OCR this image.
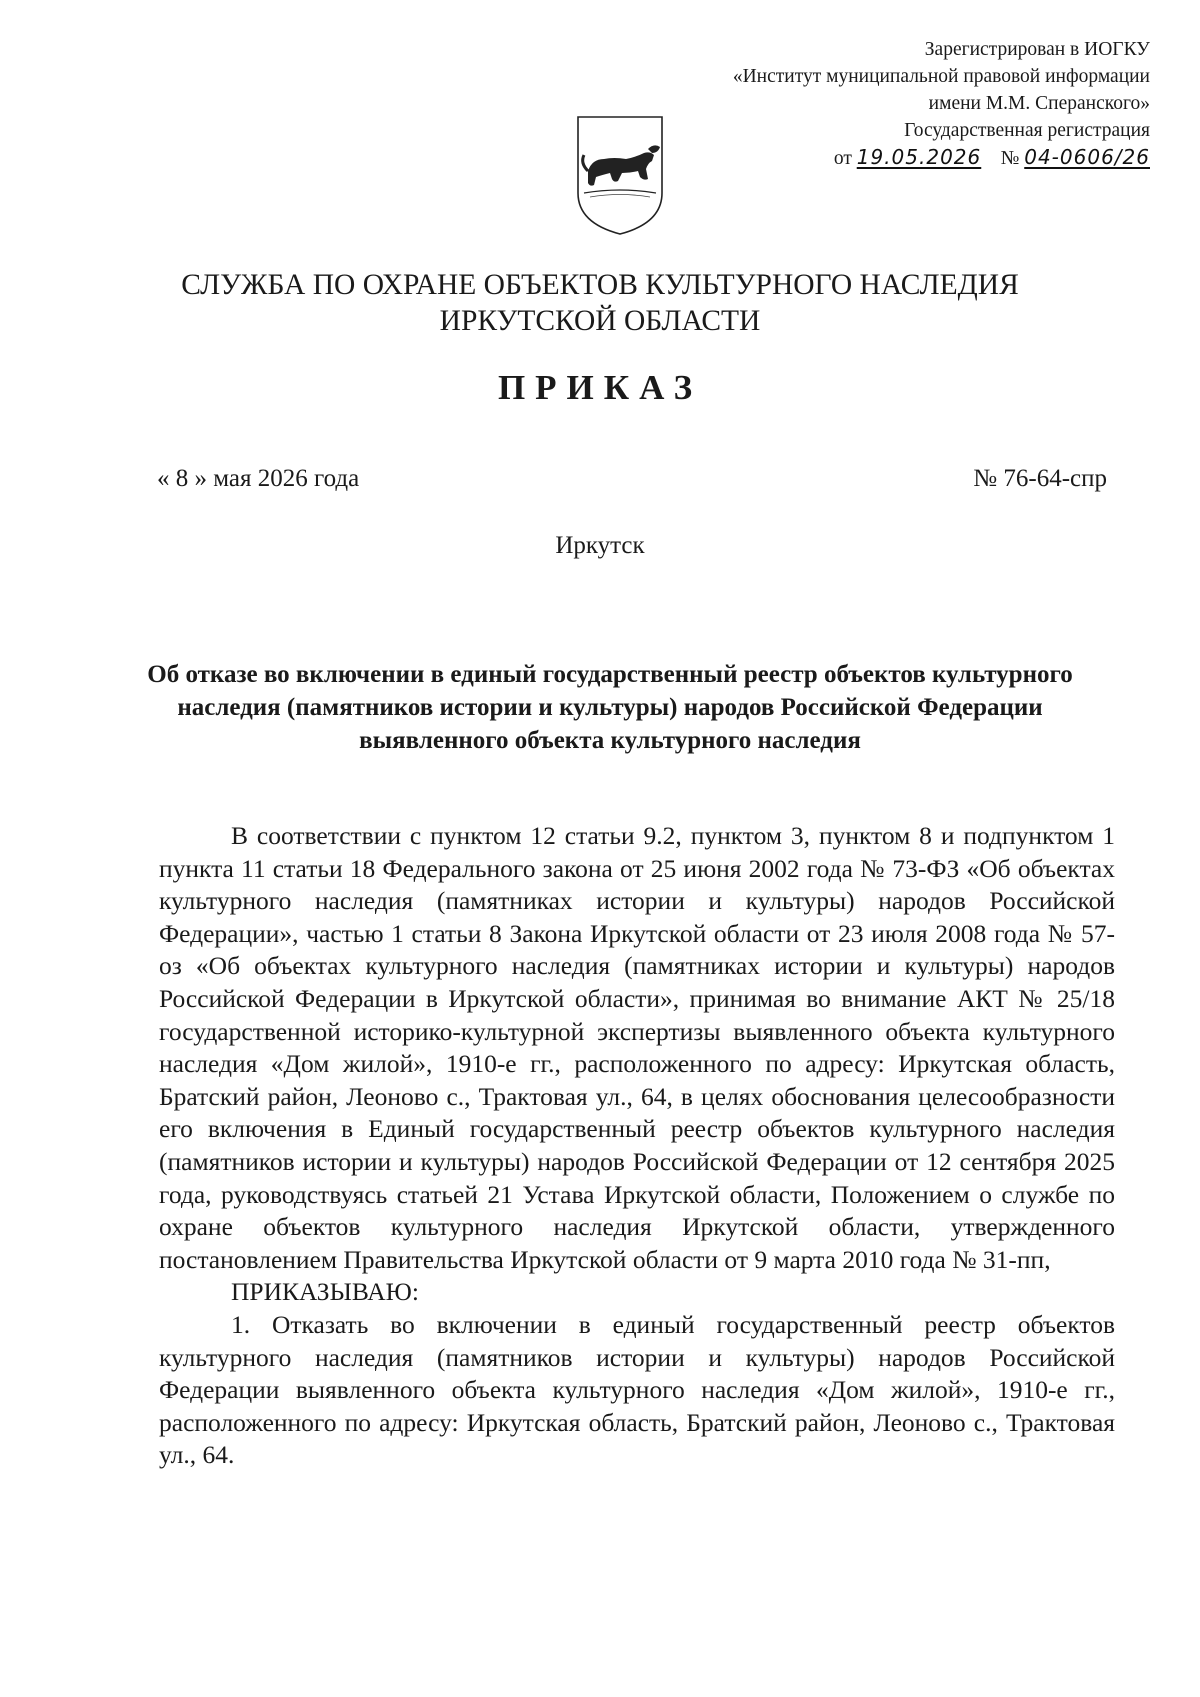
Зарегистрирован в ИОГКУ
«Институт муниципальной правовой информации
имени М.М. Сперанского»
Государственная регистрация
от 19.05.2026 № 04-0606/26
СЛУЖБА ПО ОХРАНЕ ОБЪЕКТОВ КУЛЬТУРНОГО НАСЛЕДИЯ
ИРКУТСКОЙ ОБЛАСТИ
ПРИКАЗ
« 8 » мая 2026 года	№ 76-64-спр
Иркутск
Об отказе во включении в единый государственный реестр объектов культурного наследия (памятников истории и культуры) народов Российской Федерации выявленного объекта культурного наследия

В соответствии с пунктом 12 статьи 9.2, пунктом 3, пунктом 8 и подпунктом 1 пункта 11 статьи 18 Федерального закона от 25 июня 2002 года № 73-ФЗ «Об объектах культурного наследия (памятниках истории и культуры) народов Российской Федерации», частью 1 статьи 8 Закона Иркутской области от 23 июля 2008 года № 57-оз «Об объектах культурного наследия (памятниках истории и культуры) народов Российской Федерации в Иркутской области», принимая во внимание АКТ № 25/18 государственной историко-культурной экспертизы выявленного объекта культурного наследия «Дом жилой», 1910-е гг., расположенного по адресу: Иркутская область, Братский район, Леоново с., Трактовая ул., 64, в целях обоснования целесообразности его включения в Единый государственный реестр объектов культурного наследия (памятников истории и культуры) народов Российской Федерации от 12 сентября 2025 года, руководствуясь статьей 21 Устава Иркутской области, Положением о службе по охране объектов культурного наследия Иркутской области, утвержденного постановлением Правительства Иркутской области от 9 марта 2010 года № 31-пп,

ПРИКАЗЫВАЮ:

1. Отказать во включении в единый государственный реестр объектов культурного наследия (памятников истории и культуры) народов Российской Федерации выявленного объекта культурного наследия «Дом жилой», 1910-е гг., расположенного по адресу: Иркутская область, Братский район, Леоново с., Трактовая ул., 64.
